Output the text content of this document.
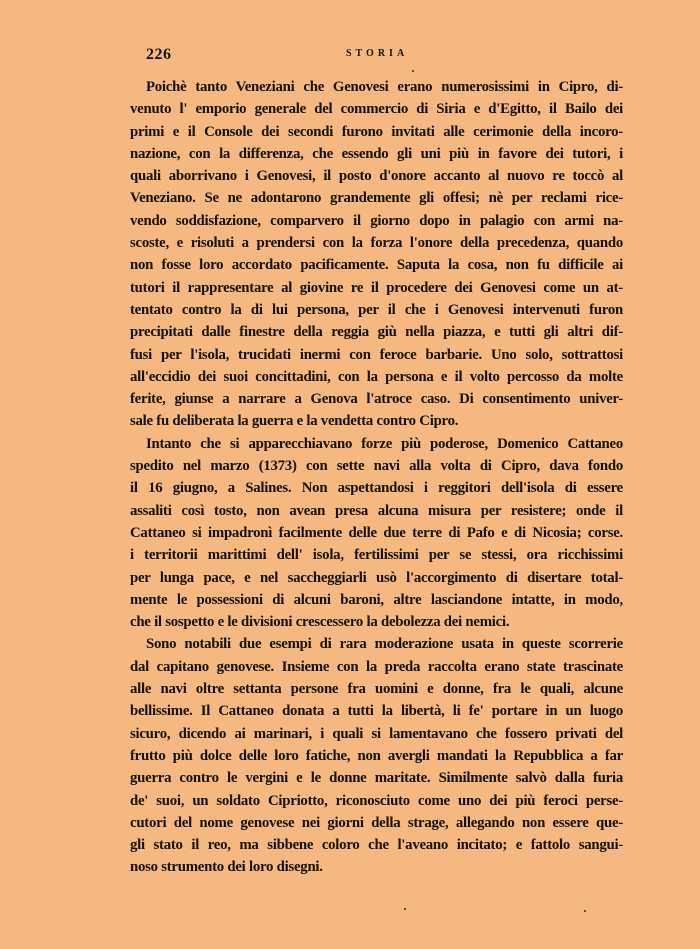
226	STORIA

Poichè tanto Veneziani che Genovesi erano numerosissimi in Cipro, di-
venuto l' emporio generale del commercio di Siria e d'Egitto, il Bailo dei
primi e il Console dei secondi furono invitati alle cerimonie della incoro-
nazione, con la differenza, che essendo gli uni più in favore dei tutori, i
quali aborrivano i Genovesi, il posto d'onore accanto al nuovo re toccò al
Veneziano. Se ne adontarono grandemente gli offesi; nè per reclami rice-
vendo soddisfazione, comparvero il giorno dopo in palagio con armi na-
scoste, e risoluti a prendersi con la forza l'onore della precedenza, quando
non fosse loro accordato pacificamente. Saputa la cosa, non fu difficile ai
tutori il rappresentare al giovine re il procedere dei Genovesi come un at-
tentato contro la di lui persona, per il che i Genovesi intervenuti furon
precipitati dalle finestre della reggia giù nella piazza, e tutti gli altri dif-
fusi per l'isola, trucidati inermi con feroce barbarie. Uno solo, sottrattosi
all'eccidio dei suoi concittadini, con la persona e il volto percosso da molte
ferite, giunse a narrare a Genova l'atroce caso. Di consentimento univer-
sale fu deliberata la guerra e la vendetta contro Cipro.

Intanto che si apparecchiavano forze più poderose, Domenico Cattaneo
spedito nel marzo (1373) con sette navi alla volta di Cipro, dava fondo
il 16 giugno, a Salines. Non aspettandosi i reggitori dell'isola di essere
assaliti così tosto, non avean presa alcuna misura per resistere; onde il
Cattaneo si impadronì facilmente delle due terre di Pafo e di Nicosia; corse.
i territorii marittimi dell' isola, fertilissimi per se stessi, ora ricchissimi
per lunga pace, e nel saccheggiarli usò l'accorgimento di disertare total-
mente le possessioni di alcuni baroni, altre lasciandone intatte, in modo,
che il sospetto e le divisioni crescessero la debolezza dei nemici.

Sono notabili due esempi di rara moderazione usata in queste scorrerie
dal capitano genovese. Insieme con la preda raccolta erano state trascinate
alle navi oltre settanta persone fra uomini e donne, fra le quali, alcune
bellissime. Il Cattaneo donata a tutti la libertà, li fe' portare in un luogo
sicuro, dicendo ai marinari, i quali si lamentavano che fossero privati del
frutto più dolce delle loro fatiche, non avergli mandati la Repubblica a far
guerra contro le vergini e le donne maritate. Similmente salvò dalla furia
de' suoi, un soldato Cipriotto, riconosciuto come uno dei più feroci perse-
cutori del nome genovese nei giorni della strage, allegando non essere que-
gli stato il reo, ma sibbene coloro che l'aveano incitato; e fattolo sangui-
noso strumento dei loro disegni.
